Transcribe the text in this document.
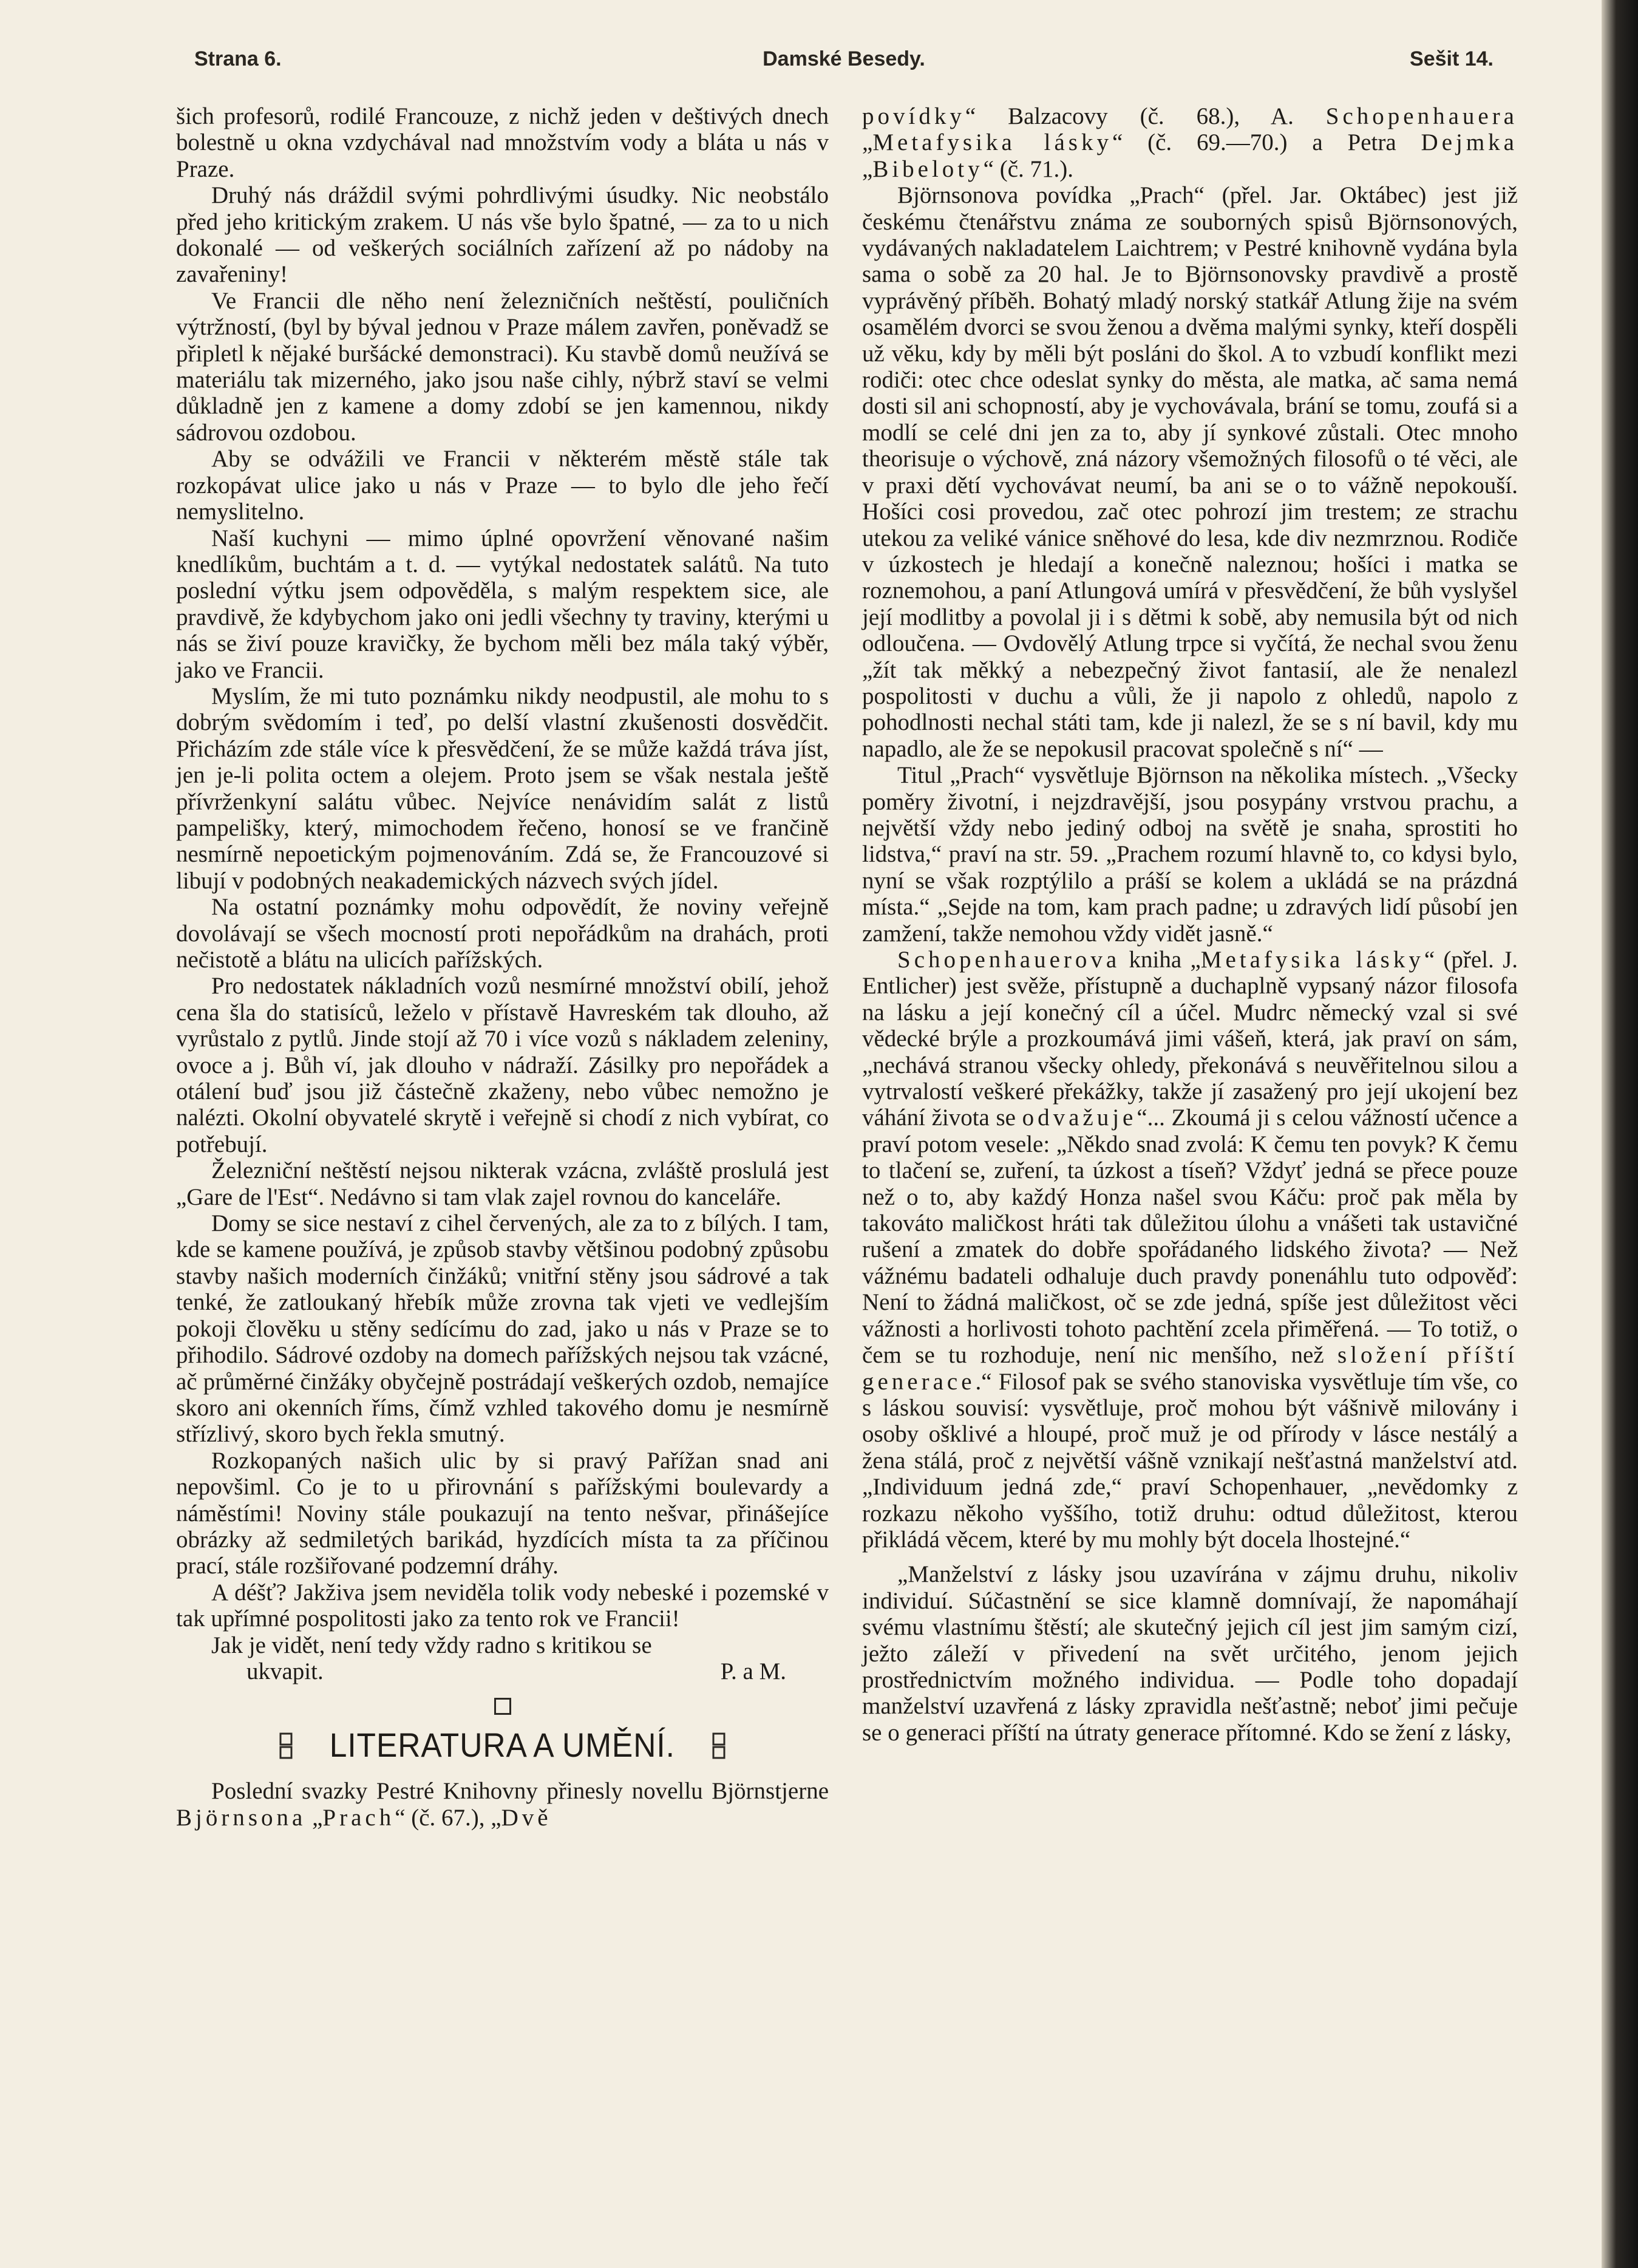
Strana 6.	Damské Besedy.	Sešit 14.

šich profesorů, rodilé Francouze, z nichž jeden v deštivých dnech bolestně u okna vzdychával nad množstvím vody a bláta u nás v Praze.

Druhý nás dráždil svými pohrdlivými úsudky. Nic neobstálo před jeho kritickým zrakem. U nás vše bylo špatné, — za to u nich dokonalé — od veškerých sociálních zařízení až po nádoby na zavařeniny!

Ve Francii dle něho není železničních neštěstí, pouličních výtržností, (byl by býval jednou v Praze málem zavřen, poněvadž se připletl k nějaké buršácké demonstraci). Ku stavbě domů neužívá se materiálu tak mizerného, jako jsou naše cihly, nýbrž staví se velmi důkladně jen z kamene a domy zdobí se jen kamennou, nikdy sádrovou ozdobou.

Aby se odvážili ve Francii v některém městě stále tak rozkopávat ulice jako u nás v Praze — to bylo dle jeho řečí nemyslitelno.

Naší kuchyni — mimo úplné opovržení věnované našim knedlíkům, buchtám a t. d. — vytýkal nedostatek salátů. Na tuto poslední výtku jsem odpověděla, s malým respektem sice, ale pravdivě, že kdybychom jako oni jedli všechny ty traviny, kterými u nás se živí pouze kravičky, že bychom měli bez mála taký výběr, jako ve Francii.

Myslím, že mi tuto poznámku nikdy neodpustil, ale mohu to s dobrým svědomím i teď, po delší vlastní zkušenosti dosvědčit. Přicházím zde stále více k přesvědčení, že se může každá tráva jíst, jen je-li polita octem a olejem. Proto jsem se však nestala ještě přívrženkyní salátu vůbec. Nejvíce nenávidím salát z listů pampelišky, který, mimochodem řečeno, honosí se ve frančině nesmírně nepoetickým pojmenováním. Zdá se, že Francouzové si libují v podobných neakademických názvech svých jídel.

Na ostatní poznámky mohu odpovědít, že noviny veřejně dovolávají se všech mocností proti nepořádkům na drahách, proti nečistotě a blátu na ulicích pařížských.

Pro nedostatek nákladních vozů nesmírné množství obilí, jehož cena šla do statisíců, leželo v přístavě Havreském tak dlouho, až vyrůstalo z pytlů. Jinde stojí až 70 i více vozů s nákladem zeleniny, ovoce a j. Bůh ví, jak dlouho v nádraží. Zásilky pro nepořádek a otálení buď jsou již částečně zkaženy, nebo vůbec nemožno je nalézti. Okolní obyvatelé skrytě i veřejně si chodí z nich vybírat, co potřebují.

Železniční neštěstí nejsou nikterak vzácna, zvláště proslulá jest „Gare de l'Est“. Nedávno si tam vlak zajel rovnou do kanceláře.

Domy se sice nestaví z cihel červených, ale za to z bílých. I tam, kde se kamene používá, je způsob stavby většinou podobný způsobu stavby našich moderních činžáků; vnitřní stěny jsou sádrové a tak tenké, že zatloukaný hřebík může zrovna tak vjeti ve vedlejším pokoji člověku u stěny sedícímu do zad, jako u nás v Praze se to přihodilo. Sádrové ozdoby na domech pařížských nejsou tak vzácné, ač průměrné činžáky obyčejně postrádají veškerých ozdob, nemajíce skoro ani okenních říms, čímž vzhled takového domu je nesmírně střízlivý, skoro bych řekla smutný.

Rozkopaných našich ulic by si pravý Pařížan snad ani nepovšiml. Co je to u přirovnání s pařížskými boulevardy a náměstími! Noviny stále poukazují na tento nešvar, přinášejíce obrázky až sedmiletých barikád, hyzdících místa ta za příčinou prací, stále rozšiřované podzemní dráhy.

A déšť? Jakživa jsem neviděla tolik vody nebeské i pozemské v tak upřímné pospolitosti jako za tento rok ve Francii!

Jak je vidět, není tedy vždy radno s kritikou se

ukvapit.	P. a M.

LITERATURA A UMĚNÍ.

Poslední svazky Pestré Knihovny přinesly novellu Björnstjerne Björnsona „Prach“ (č. 67.), „Dvě

povídky“ Balzacovy (č. 68.), A. Schopenhauera „Metafysika lásky“ (č. 69.—70.) a Petra Dejmka „Bibeloty“ (č. 71.).

Björnsonova povídka „Prach“ (přel. Jar. Oktábec) jest již českému čtenářstvu známa ze souborných spisů Björnsonových, vydávaných nakladatelem Laichtrem; v Pestré knihovně vydána byla sama o sobě za 20 hal. Je to Björnsonovsky pravdivě a prostě vyprávěný příběh. Bohatý mladý norský statkář Atlung žije na svém osamělém dvorci se svou ženou a dvěma malými synky, kteří dospěli už věku, kdy by měli být posláni do škol. A to vzbudí konflikt mezi rodiči: otec chce odeslat synky do města, ale matka, ač sama nemá dosti sil ani schopností, aby je vychovávala, brání se tomu, zoufá si a modlí se celé dni jen za to, aby jí synkové zůstali. Otec mnoho theorisuje o výchově, zná názory všemožných filosofů o té věci, ale v praxi dětí vychovávat neumí, ba ani se o to vážně nepokouší. Hošíci cosi provedou, zač otec pohrozí jim trestem; ze strachu utekou za veliké vánice sněhové do lesa, kde div nezmrznou. Rodiče v úzkostech je hledají a konečně naleznou; hošíci i matka se roznemohou, a paní Atlungová umírá v přesvědčení, že bůh vyslyšel její modlitby a povolal ji i s dětmi k sobě, aby nemusila být od nich odloučena. — Ovdovělý Atlung trpce si vyčítá, že nechal svou ženu „žít tak měkký a nebezpečný život fantasií, ale že nenalezl pospolitosti v duchu a vůli, že ji napolo z ohledů, napolo z pohodlnosti nechal státi tam, kde ji nalezl, že se s ní bavil, kdy mu napadlo, ale že se nepokusil pracovat společně s ní“ —

Titul „Prach“ vysvětluje Björnson na několika místech. „Všecky poměry životní, i nejzdravější, jsou posypány vrstvou prachu, a největší vždy nebo jediný odboj na světě je snaha, sprostiti ho lidstva,“ praví na str. 59. „Prachem rozumí hlavně to, co kdysi bylo, nyní se však rozptýlilo a práší se kolem a ukládá se na prázdná místa.“ „Sejde na tom, kam prach padne; u zdravých lidí působí jen zamžení, takže nemohou vždy vidět jasně.“

Schopenhauerova kniha „Metafysika lásky“ (přel. J. Entlicher) jest svěže, přístupně a duchaplně vypsaný názor filosofa na lásku a její konečný cíl a účel. Mudrc německý vzal si své vědecké brýle a prozkoumává jimi vášeň, která, jak praví on sám, „nechává stranou všecky ohledy, překonává s neuvěřitelnou silou a vytrvalostí veškeré překážky, takže jí zasažený pro její ukojení bez váhání života se odvažuje“... Zkoumá ji s celou vážností učence a praví potom vesele: „Někdo snad zvolá: K čemu ten povyk? K čemu to tlačení se, zuření, ta úzkost a tíseň? Vždyť jedná se přece pouze než o to, aby každý Honza našel svou Káču: proč pak měla by takováto maličkost hráti tak důležitou úlohu a vnášeti tak ustavičné rušení a zmatek do dobře spořádaného lidského života? — Než vážnému badateli odhaluje duch pravdy ponenáhlu tuto odpověď: Není to žádná maličkost, oč se zde jedná, spíše jest důležitost věci vážnosti a horlivosti tohoto pachtění zcela přiměřená. — To totiž, o čem se tu rozhoduje, není nic menšího, než složení příští generace.“ Filosof pak se svého stanoviska vysvětluje tím vše, co s láskou souvisí: vysvětluje, proč mohou být vášnivě milovány i osoby ošklivé a hloupé, proč muž je od přírody v lásce nestálý a žena stálá, proč z největší vášně vznikají nešťastná manželství atd. „Individuum jedná zde,“ praví Schopenhauer, „nevědomky z rozkazu někoho vyššího, totiž druhu: odtud důležitost, kterou přikládá věcem, které by mu mohly být docela lhostejné.“

„Manželství z lásky jsou uzavírána v zájmu druhu, nikoliv individuí. Súčastnění se sice klamně domnívají, že napomáhají svému vlastnímu štěstí; ale skutečný jejich cíl jest jim samým cizí, ježto záleží v přivedení na svět určitého, jenom jejich prostřednictvím možného individua. — Podle toho dopadají manželství uzavřená z lásky zpravidla nešťastně; neboť jimi pečuje se o generaci příští na útraty generace přítomné. Kdo se žení z lásky,
